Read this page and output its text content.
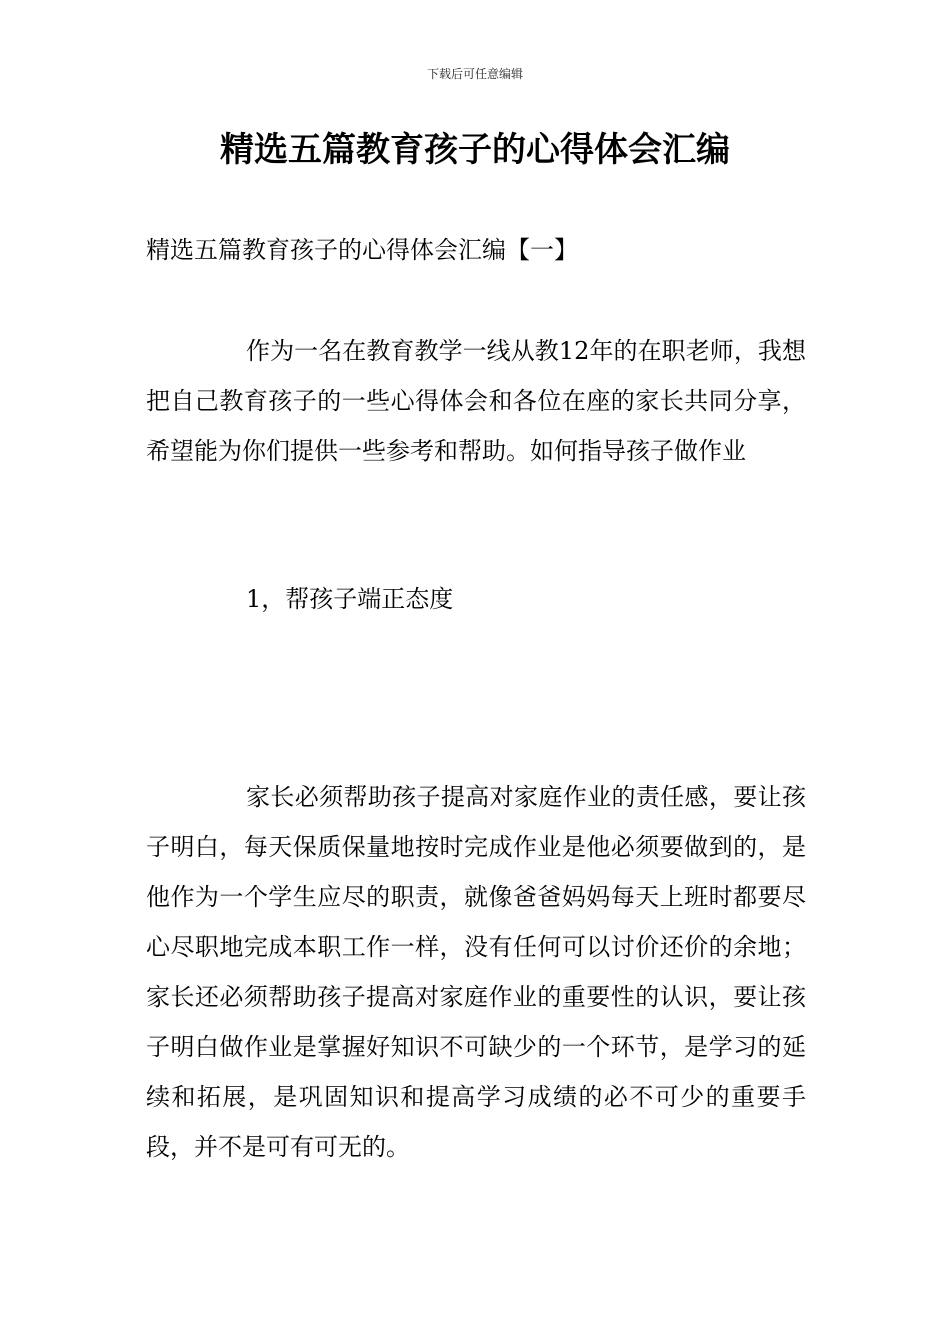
下载后可任意编辑
精选五篇教育孩子的心得体会汇编
精选五篇教育孩子的心得体会汇编【一】

作为一名在教育教学一线从教12年的在职老师，我想把自己教育孩子的一些心得体会和各位在座的家长共同分享，希望能为你们提供一些参考和帮助。如何指导孩子做作业

1，帮孩子端正态度

家长必须帮助孩子提高对家庭作业的责任感，要让孩子明白，每天保质保量地按时完成作业是他必须要做到的，是他作为一个学生应尽的职责，就像爸爸妈妈每天上班时都要尽心尽职地完成本职工作一样，没有任何可以讨价还价的余地；家长还必须帮助孩子提高对家庭作业的重要性的认识，要让孩子明白做作业是掌握好知识不可缺少的一个环节，是学习的延续和拓展，是巩固知识和提高学习成绩的必不可少的重要手段，并不是可有可无的。
